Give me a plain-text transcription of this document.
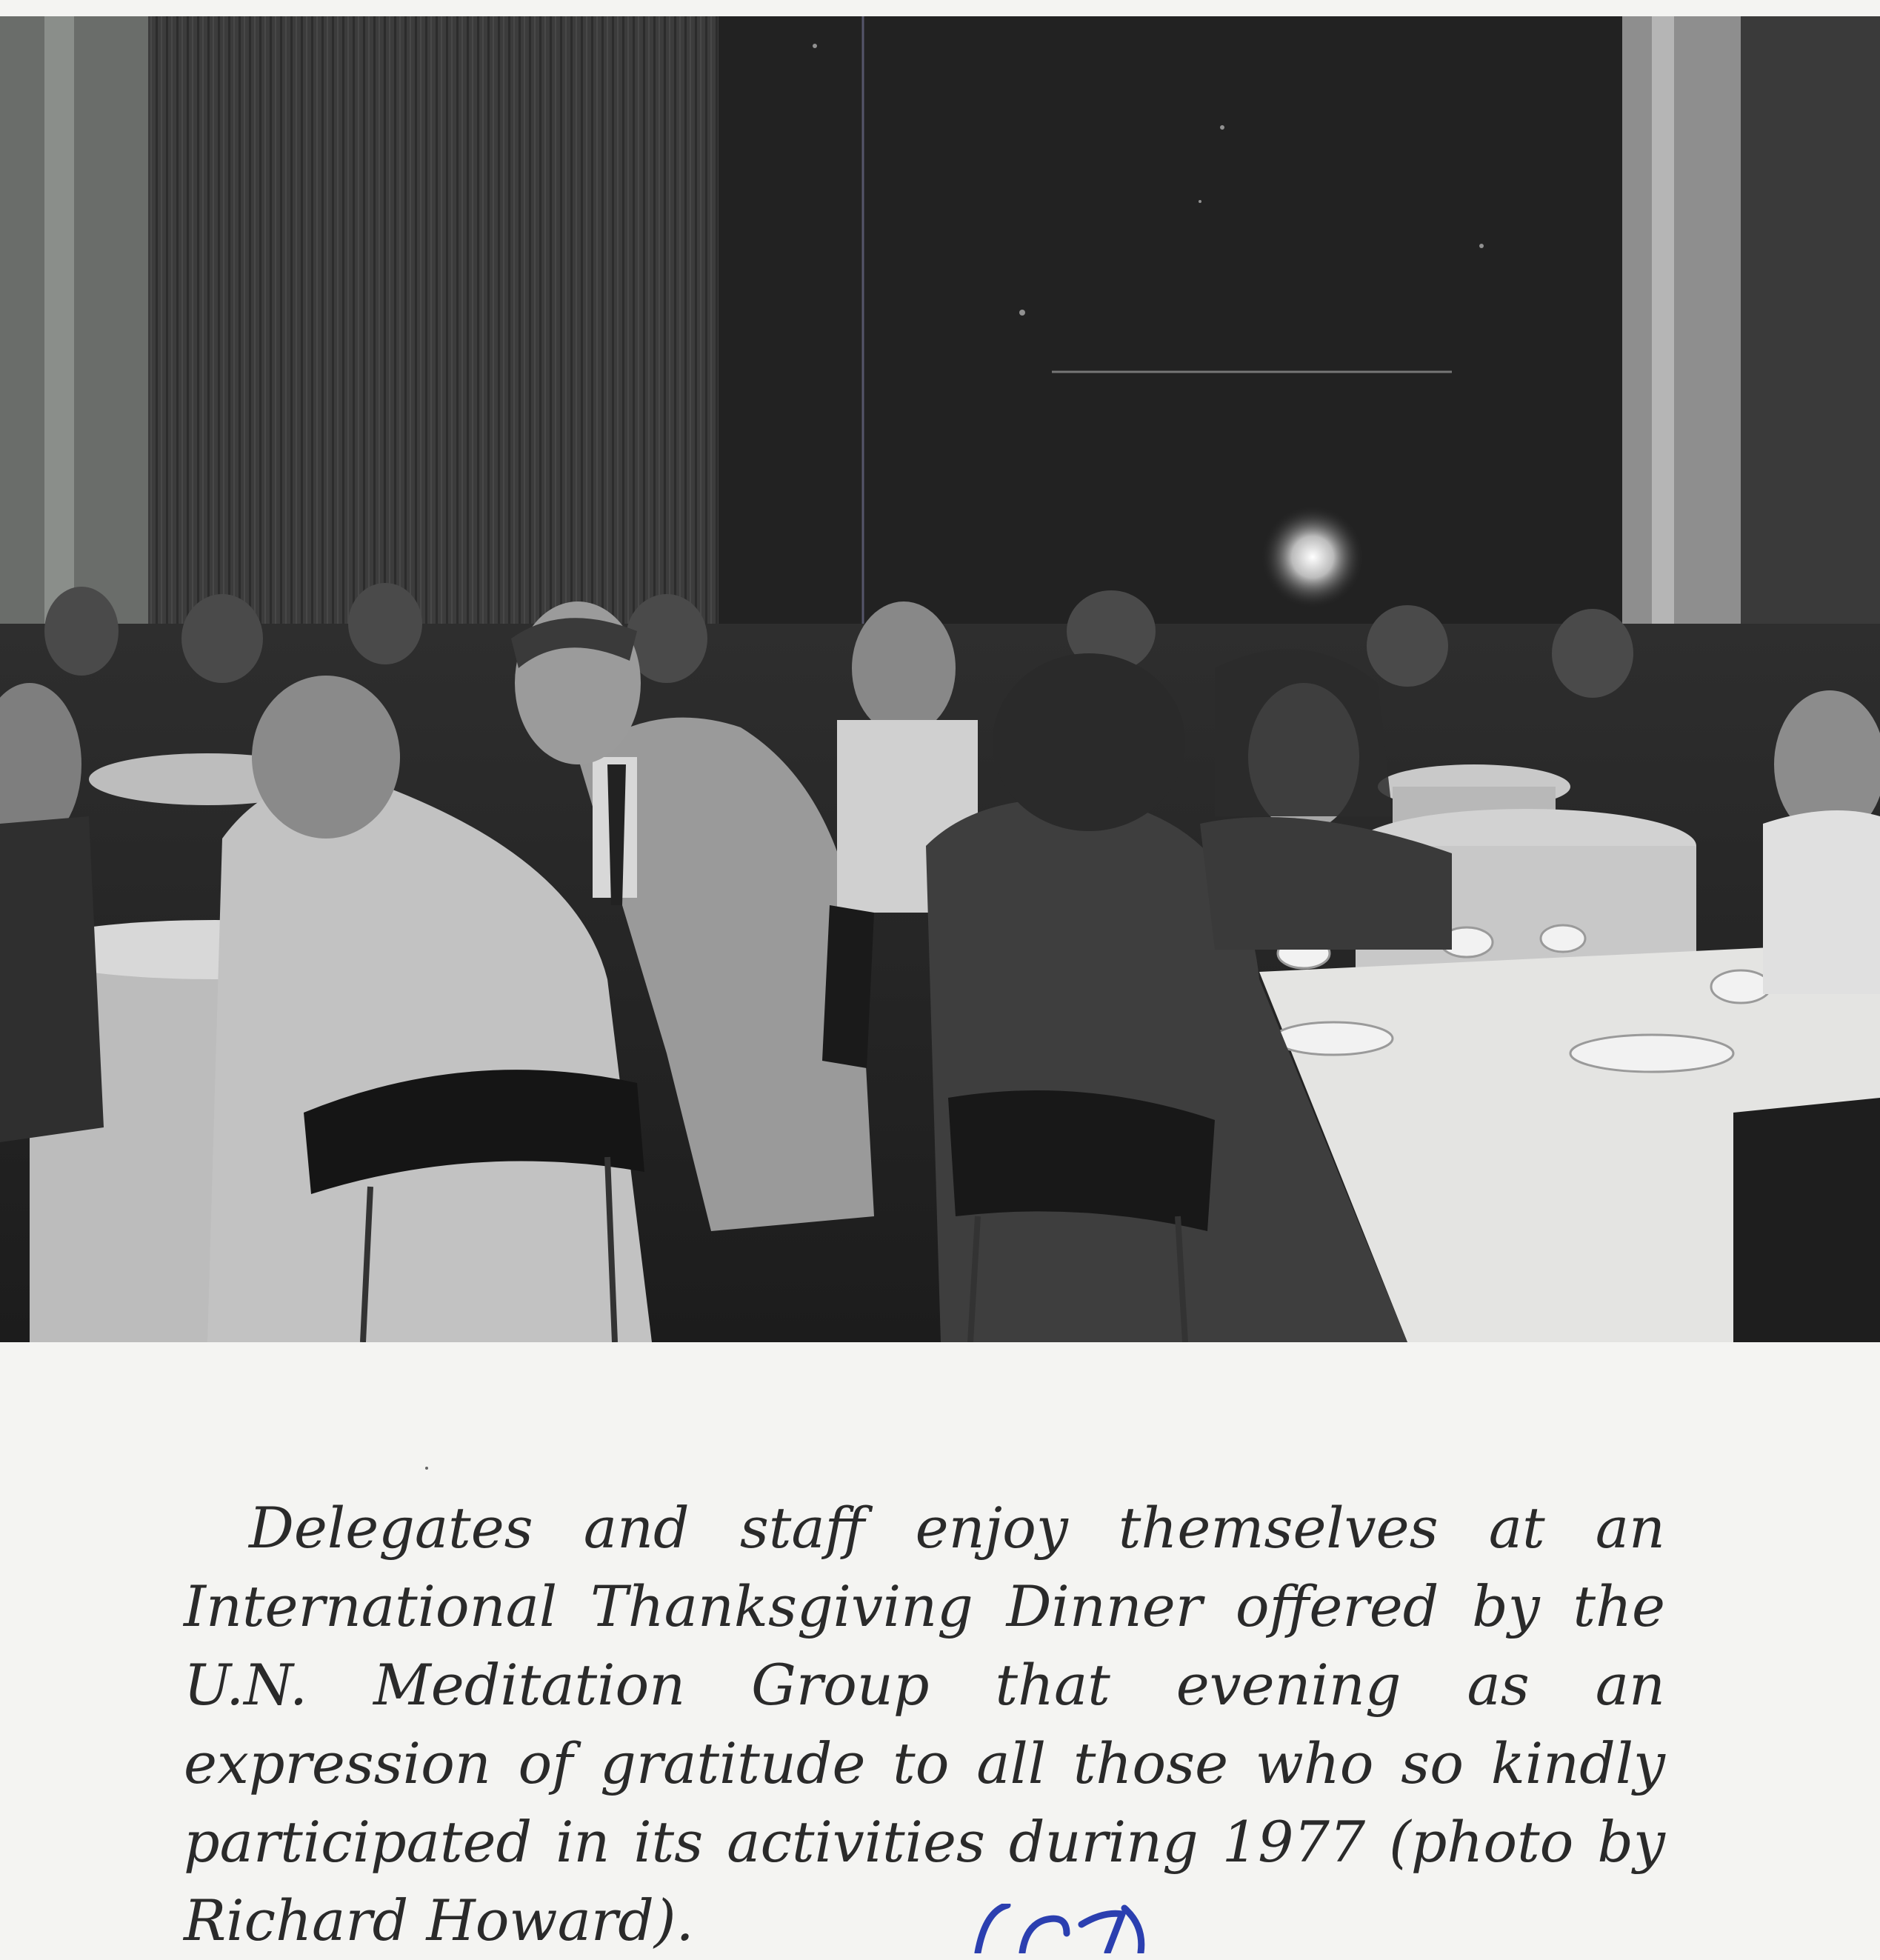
Delegates and staff enjoy themselves at an International Thanksgiving Dinner offered by the U.N. Meditation Group that evening as an expression of gratitude to all those who so kindly participated in its activities during 1977 (photo by Richard Howard).
